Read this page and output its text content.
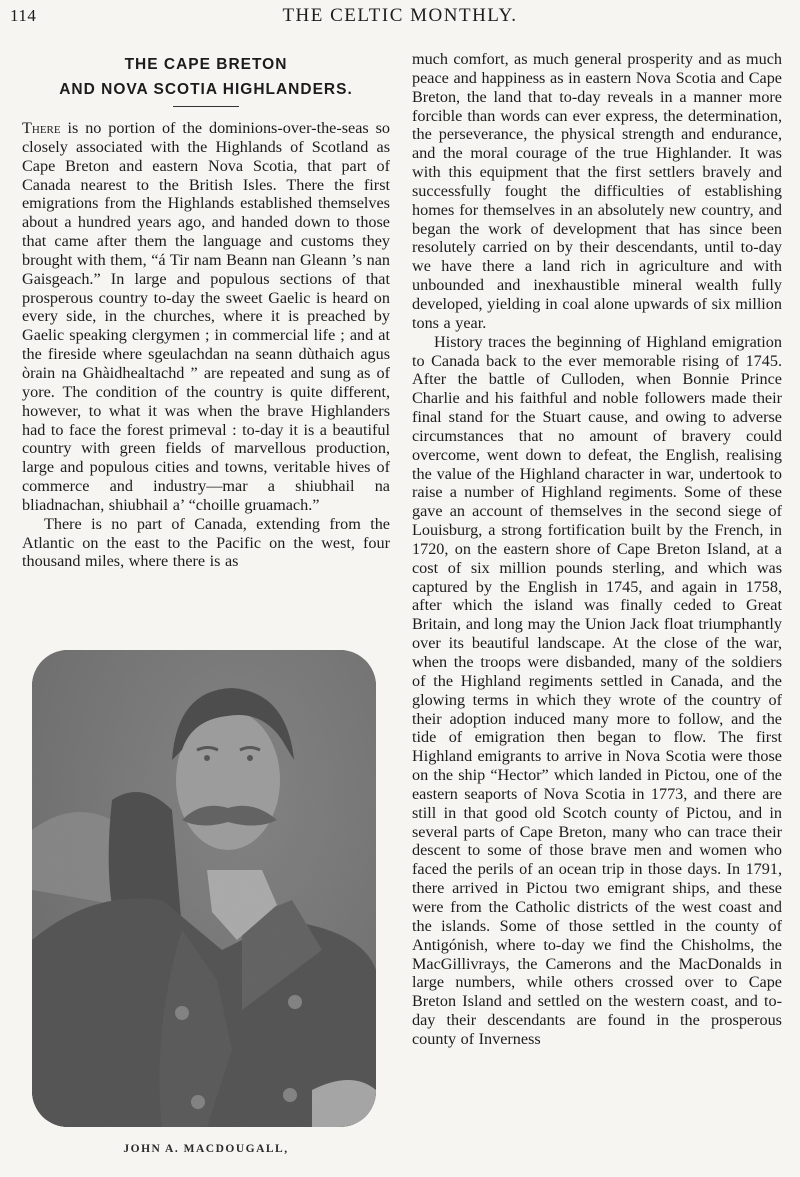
114	THE CELTIC MONTHLY.
THE CAPE BRETON
AND NOVA SCOTIA HIGHLANDERS.

There is no portion of the dominions-over-the-seas so closely associated with the Highlands of Scotland as Cape Breton and eastern Nova Scotia, that part of Canada nearest to the British Isles. There the first emigrations from the Highlands established themselves about a hundred years ago, and handed down to those that came after them the language and customs they brought with them, “á Tir nam Beann nan Gleann ’s nan Gaisgeach.” In large and populous sections of that prosperous country to-day the sweet Gaelic is heard on every side, in the churches, where it is preached by Gaelic speaking clergymen ; in commercial life ; and at the fireside where sgeulachdan na seann dùthaich agus òrain na Ghàidhealtachd ” are repeated and sung as of yore. The condition of the country is quite different, however, to what it was when the brave Highlanders had to face the forest primeval : to-day it is a beautiful country with green fields of marvellous production, large and populous cities and towns, veritable hives of commerce and industry—mar a shiubhail na bliadnachan, shiubhail a’ “choille gruamach.”

There is no part of Canada, extending from the Atlantic on the east to the Pacific on the west, four thousand miles, where there is as

JOHN A. MACDOUGALL,

much comfort, as much general prosperity and as much peace and happiness as in eastern Nova Scotia and Cape Breton, the land that to-day reveals in a manner more forcible than words can ever express, the determination, the perseverance, the physical strength and endurance, and the moral courage of the true Highlander. It was with this equipment that the first settlers bravely and successfully fought the difficulties of establishing homes for themselves in an absolutely new country, and began the work of development that has since been resolutely carried on by their descendants, until to-day we have there a land rich in agriculture and with unbounded and inexhaustible mineral wealth fully developed, yielding in coal alone upwards of six million tons a year.

History traces the beginning of Highland emigration to Canada back to the ever memorable rising of 1745. After the battle of Culloden, when Bonnie Prince Charlie and his faithful and noble followers made their final stand for the Stuart cause, and owing to adverse circumstances that no amount of bravery could overcome, went down to defeat, the English, realising the value of the Highland character in war, undertook to raise a number of Highland regiments. Some of these gave an account of themselves in the second siege of Louisburg, a strong fortification built by the French, in 1720, on the eastern shore of Cape Breton Island, at a cost of six million pounds sterling, and which was captured by the English in 1745, and again in 1758, after which the island was finally ceded to Great Britain, and long may the Union Jack float triumphantly over its beautiful landscape. At the close of the war, when the troops were disbanded, many of the soldiers of the Highland regiments settled in Canada, and the glowing terms in which they wrote of the country of their adoption induced many more to follow, and the tide of emigration then began to flow. The first Highland emigrants to arrive in Nova Scotia were those on the ship “Hector” which landed in Pictou, one of the eastern seaports of Nova Scotia in 1773, and there are still in that good old Scotch county of Pictou, and in several parts of Cape Breton, many who can trace their descent to some of those brave men and women who faced the perils of an ocean trip in those days. In 1791, there arrived in Pictou two emigrant ships, and these were from the Catholic districts of the west coast and the islands. Some of those settled in the county of Antigónish, where to-day we find the Chisholms, the MacGillivrays, the Camerons and the MacDonalds in large numbers, while others crossed over to Cape Breton Island and settled on the western coast, and to-day their descendants are found in the prosperous county of Inverness
